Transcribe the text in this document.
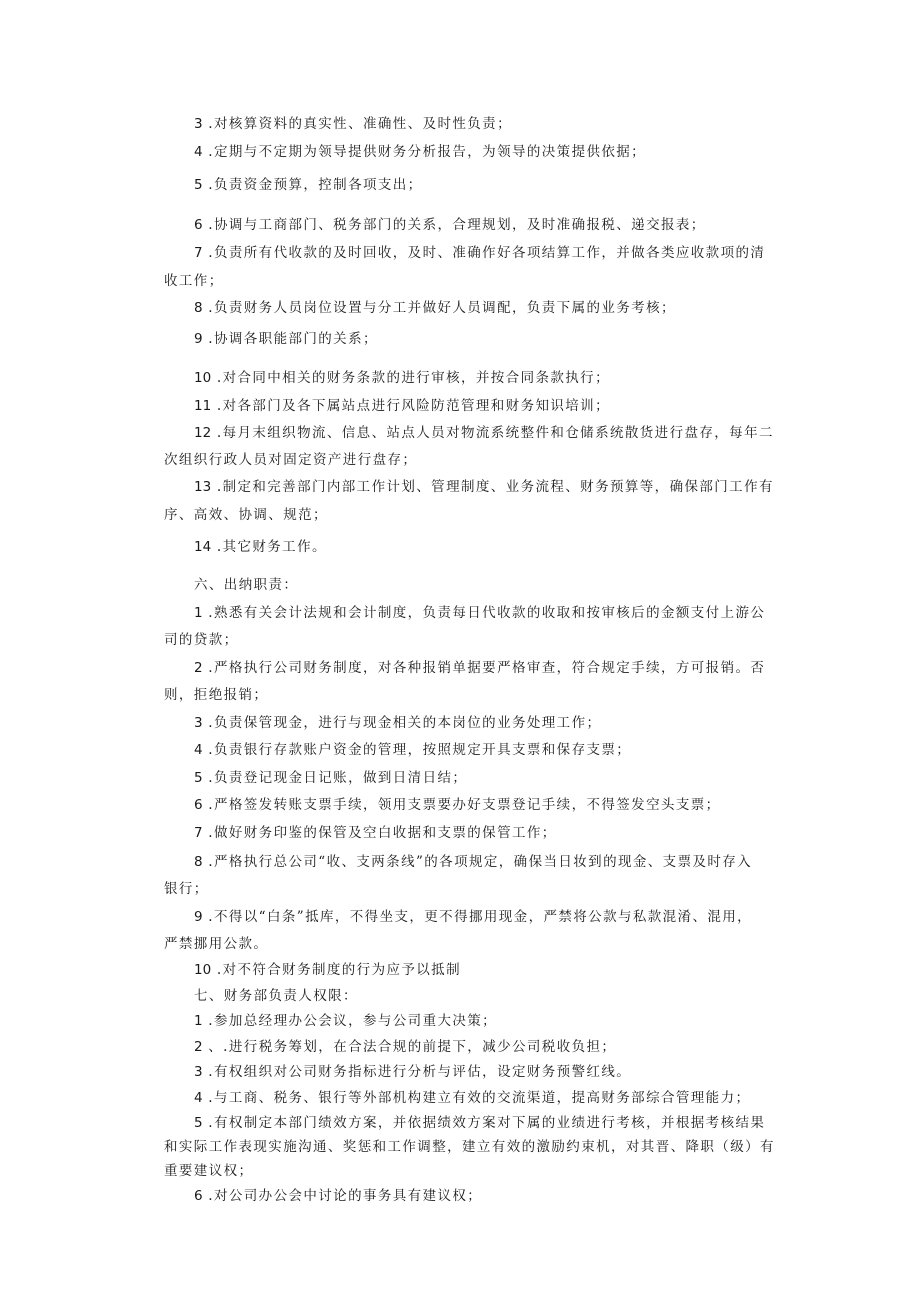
3 .对核算资料的真实性、准确性、及时性负责；

4 .定期与不定期为领导提供财务分析报告，为领导的决策提供依据；

5 .负责资金预算，控制各项支出；

6 .协调与工商部门、税务部门的关系，合理规划，及时准确报税、递交报表；

7 .负责所有代收款的及时回收，及时、准确作好各项结算工作，并做各类应收款项的清

收工作；

8 .负责财务人员岗位设置与分工并做好人员调配，负责下属的业务考核；

9 .协调各职能部门的关系；

10 .对合同中相关的财务条款的进行审核，并按合同条款执行；

11 .对各部门及各下属站点进行风险防范管理和财务知识培训；

12 .每月末组织物流、信息、站点人员对物流系统整件和仓储系统散货进行盘存，每年二

次组织行政人员对固定资产进行盘存；

13 .制定和完善部门内部工作计划、管理制度、业务流程、财务预算等，确保部门工作有

序、高效、协调、规范；

14 .其它财务工作。

六、出纳职责：

1 .熟悉有关会计法规和会计制度，负责每日代收款的收取和按审核后的金额支付上游公

司的贷款；

2 .严格执行公司财务制度，对各种报销单据要严格审查，符合规定手续，方可报销。否

则，拒绝报销；

3 .负责保管现金，进行与现金相关的本岗位的业务处理工作；

4 .负责银行存款账户资金的管理，按照规定开具支票和保存支票；

5 .负责登记现金日记账，做到日清日结；

6 .严格签发转账支票手续，领用支票要办好支票登记手续，不得签发空头支票；

7 .做好财务印鉴的保管及空白收据和支票的保管工作；

8 .严格执行总公司“收、支两条线”的各项规定，确保当日妆到的现金、支票及时存入

银行；

9 .不得以“白条”抵库，不得坐支，更不得挪用现金，严禁将公款与私款混淆、混用，

严禁挪用公款。

10 .对不符合财务制度的行为应予以抵制

七、财务部负责人权限：

1 .参加总经理办公会议，参与公司重大决策；

2 、.进行税务筹划，在合法合规的前提下，减少公司税收负担；

3 .有权组织对公司财务指标进行分析与评估，设定财务预警红线。

4 .与工商、税务、银行等外部机构建立有效的交流渠道，提高财务部综合管理能力；

5 .有权制定本部门绩效方案，并依据绩效方案对下属的业绩进行考核，并根据考核结果

和实际工作表现实施沟通、奖惩和工作调整，建立有效的激励约束机，对其晋、降职（级）有

重要建议权；

6 .对公司办公会中讨论的事务具有建议权；
